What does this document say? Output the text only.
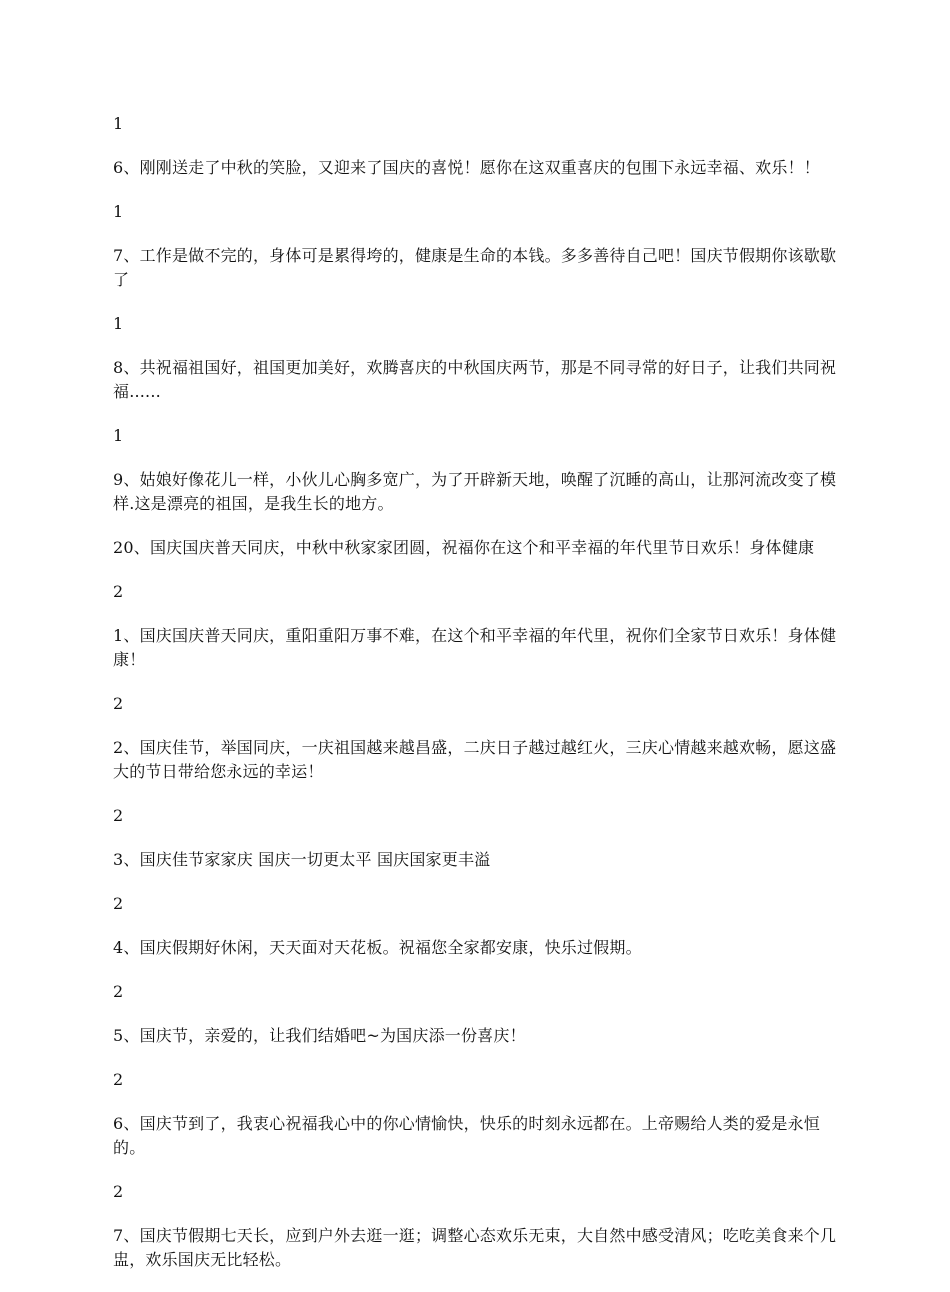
1

6、刚刚送走了中秋的笑脸，又迎来了国庆的喜悦！愿你在这双重喜庆的包围下永远幸福、欢乐！！

1

7、工作是做不完的，身体可是累得垮的，健康是生命的本钱。多多善待自己吧！国庆节假期你该歇歇了

1

8、共祝福祖国好，祖国更加美好，欢腾喜庆的中秋国庆两节，那是不同寻常的好日子，让我们共同祝福......

1

9、姑娘好像花儿一样，小伙儿心胸多宽广，为了开辟新天地，唤醒了沉睡的高山，让那河流改变了模样.这是漂亮的祖国，是我生长的地方。

20、国庆国庆普天同庆，中秋中秋家家团圆，祝福你在这个和平幸福的年代里节日欢乐！身体健康

2

1、国庆国庆普天同庆，重阳重阳万事不难，在这个和平幸福的年代里，祝你们全家节日欢乐！身体健康！

2

2、国庆佳节，举国同庆，一庆祖国越来越昌盛，二庆日子越过越红火，三庆心情越来越欢畅，愿这盛大的节日带给您永远的幸运！

2

3、国庆佳节家家庆 国庆一切更太平 国庆国家更丰溢

2

4、国庆假期好休闲，天天面对天花板。祝福您全家都安康，快乐过假期。

2

5、国庆节，亲爱的，让我们结婚吧~为国庆添一份喜庆！

2

6、国庆节到了，我衷心祝福我心中的你心情愉快，快乐的时刻永远都在。上帝赐给人类的爱是永恒的。

2

7、国庆节假期七天长，应到户外去逛一逛；调整心态欢乐无束，大自然中感受清风；吃吃美食来个几盅，欢乐国庆无比轻松。
